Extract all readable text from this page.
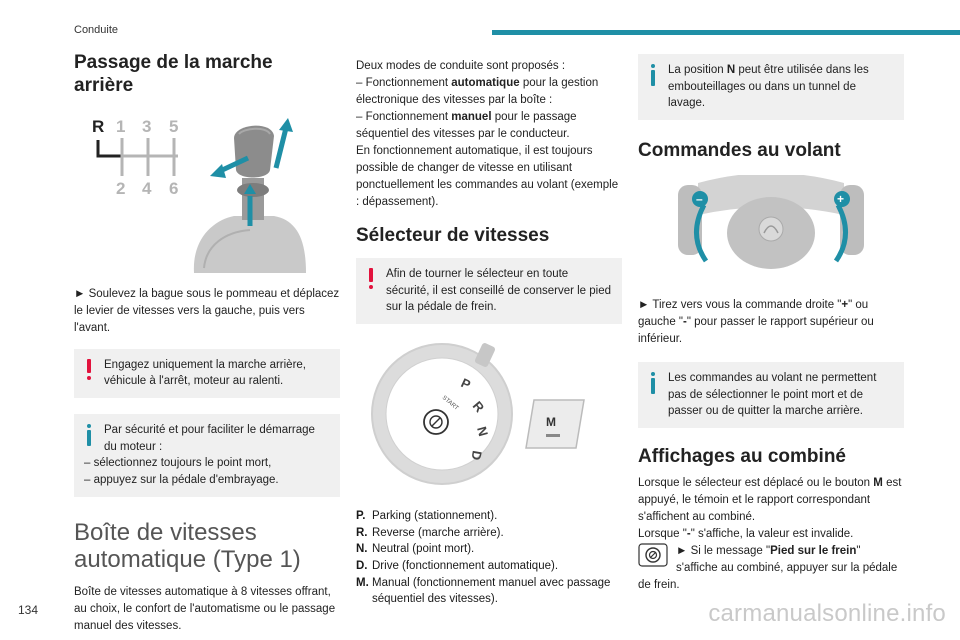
Conduite
Passage de la marche arrière
R 1 3 5
2 4 6

► Soulevez la bague sous le pommeau et déplacez le levier de vitesses vers la gauche, puis vers l'avant.

Engagez uniquement la marche arrière, véhicule à l'arrêt, moteur au ralenti.
Par sécurité et pour faciliter le démarrage du moteur :
– sélectionnez toujours le point mort,
– appuyez sur la pédale d'embrayage.
Boîte de vitesses automatique (Type 1)

Boîte de vitesses automatique à 8 vitesses offrant, au choix, le confort de l'automatisme ou le passage manuel des vitesses.

Deux modes de conduite sont proposés :

– Fonctionnement automatique pour la gestion électronique des vitesses par la boîte :

– Fonctionnement manuel pour le passage séquentiel des vitesses par le conducteur.

En fonctionnement automatique, il est toujours possible de changer de vitesse en utilisant ponctuellement les commandes au volant (exemple : dépassement).

Sélecteur de vitesses
Afin de tourner le sélecteur en toute sécurité, il est conseillé de conserver le pied sur la pédale de frein.
P
R
N
D
START
M
P. Parking (stationnement).
R. Reverse (marche arrière).
N. Neutral (point mort).
D. Drive (fonctionnement automatique).
M. Manual (fonctionnement manuel avec passage séquentiel des vitesses).
La position N peut être utilisée dans les embouteillages ou dans un tunnel de lavage.
Commandes au volant
–	+

► Tirez vers vous la commande droite "+" ou gauche "-" pour passer le rapport supérieur ou inférieur.

Les commandes au volant ne permettent pas de sélectionner le point mort et de passer ou de quitter la marche arrière.
Affichages au combiné

Lorsque le sélecteur est déplacé ou le bouton M est appuyé, le témoin et le rapport correspondant s'affichent au combiné.

Lorsque "-" s'affiche, la valeur est invalide.

► Si le message "Pied sur le frein" s'affiche au combiné, appuyer sur la pédale de frein.

134	carmanualsonline.info
